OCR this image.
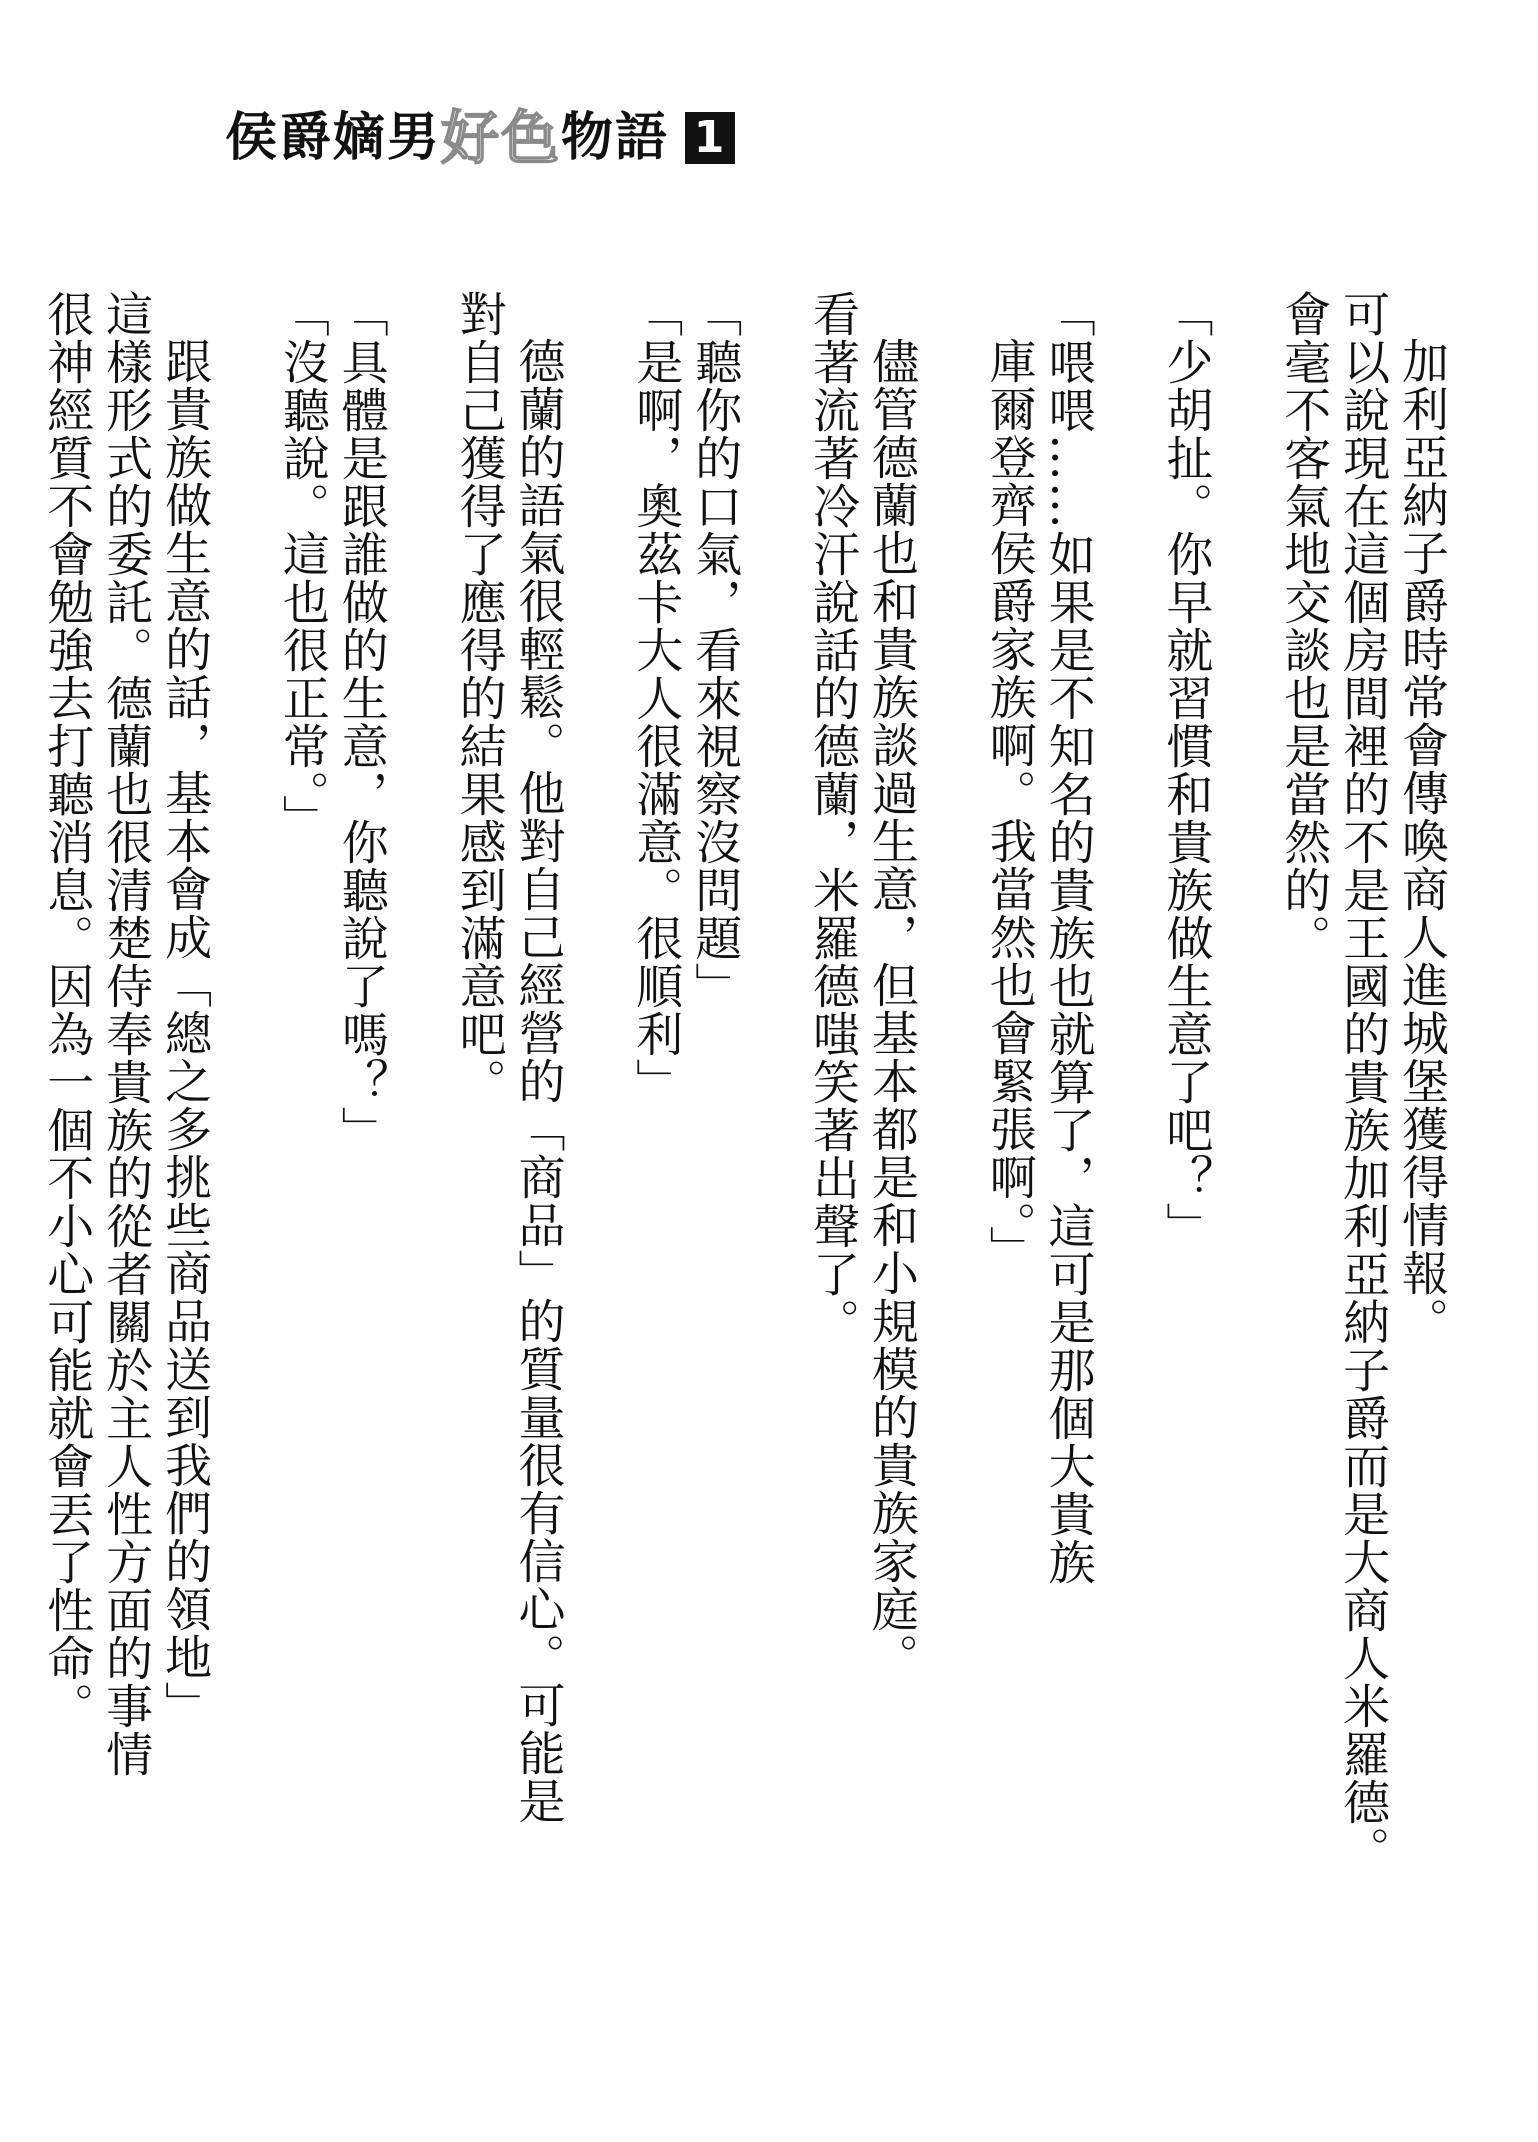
侯爵嫡男 好色 物語 1
加利亞納子爵時常會傳喚商人進城堡獲得情報。
可以說現在這個房間裡的不是王國的貴族加利亞納子爵而是大商人米羅德。
會毫不客氣地交談也是當然的。
「少胡扯。你早就習慣和貴族做生意了吧？」
「喂喂……如果是不知名的貴族也就算了，這可是那個大貴族
庫爾登齊侯爵家族啊。我當然也會緊張啊。」
儘管德蘭也和貴族談過生意，但基本都是和小規模的貴族家庭。
看著流著冷汗說話的德蘭，米羅德嗤笑著出聲了。
「聽你的口氣，看來視察沒問題」
「是啊，奧茲卡大人很滿意。很順利」
德蘭的語氣很輕鬆。他對自己經營的「商品」的質量很有信心。可能是
對自己獲得了應得的結果感到滿意吧。
「具體是跟誰做的生意，你聽說了嗎？」
「沒聽說。這也很正常。」
跟貴族做生意的話，基本會成「總之多挑些商品送到我們的領地」
這樣形式的委託。德蘭也很清楚侍奉貴族的從者關於主人性方面的事情
很神經質不會勉強去打聽消息。因為一個不小心可能就會丟了性命。
